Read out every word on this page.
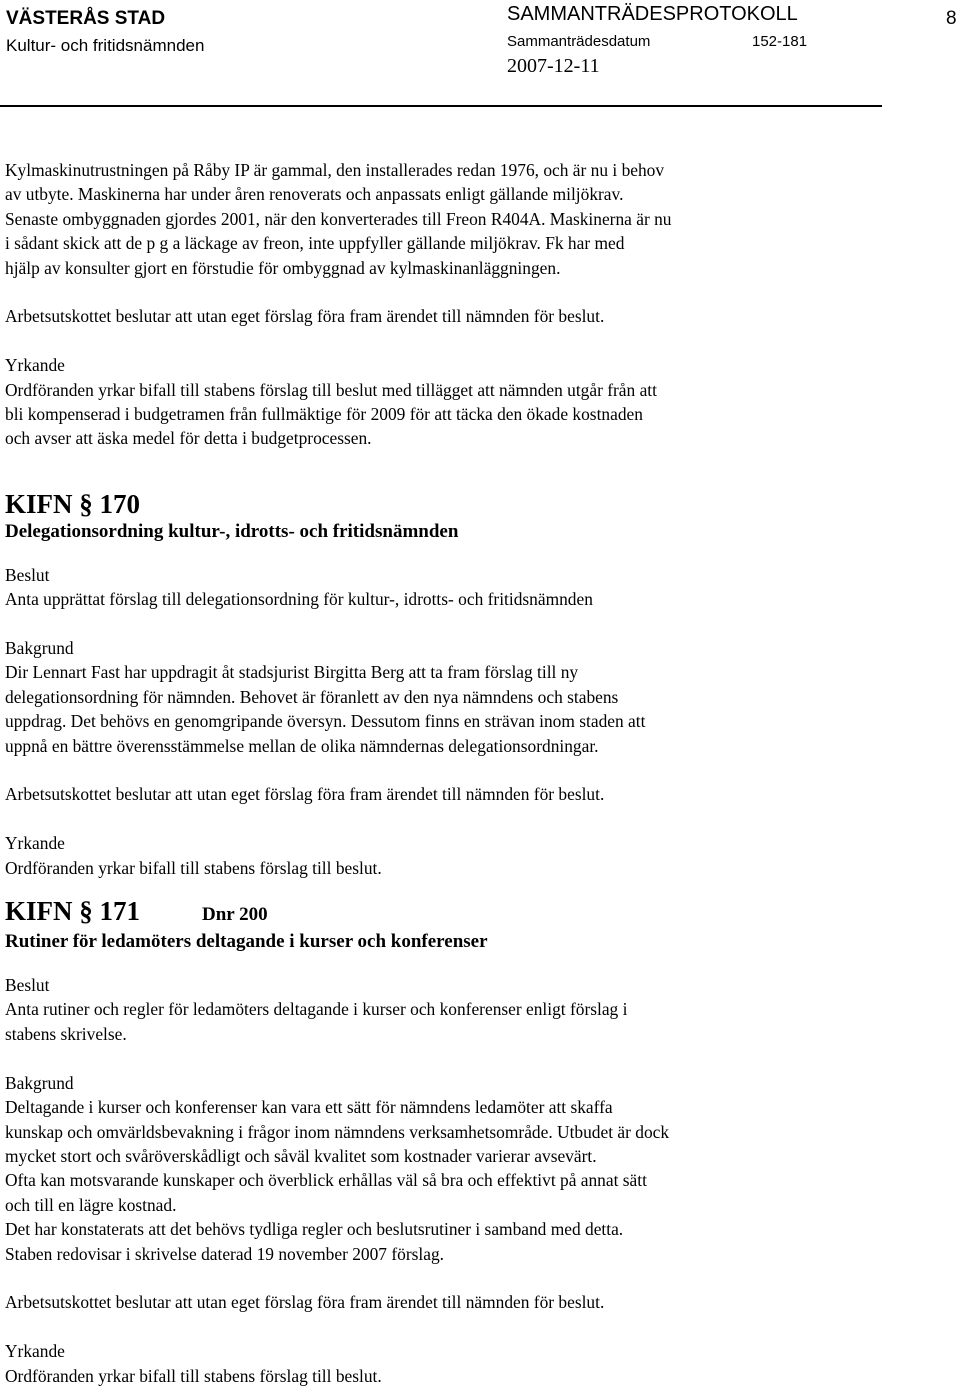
VÄSTERÅS STAD
Kultur- och fritidsnämnden
SAMMANTRÄDESPROTOKOLL
Sammanträdesdatum
2007-12-11
152-181
8

Kylmaskinutrustningen på Råby IP är gammal, den installerades redan 1976, och är nu i behov

av utbyte. Maskinerna har under åren renoverats och anpassats enligt gällande miljökrav.

Senaste ombyggnaden gjordes 2001, när den konverterades till Freon R404A. Maskinerna är nu

i sådant skick att de p g a läckage av freon, inte uppfyller gällande miljökrav. Fk har med

hjälp av konsulter gjort en förstudie för ombyggnad av kylmaskinanläggningen.

Arbetsutskottet beslutar att utan eget förslag föra fram ärendet till nämnden för beslut.

Yrkande

Ordföranden yrkar bifall till stabens förslag till beslut med tillägget att nämnden utgår från att

bli kompenserad i budgetramen från fullmäktige för 2009 för att täcka den ökade kostnaden

och avser att äska medel för detta i budgetprocessen.

KIFN § 170
Delegationsordning kultur-, idrotts- och fritidsnämnden

Beslut

Anta upprättat förslag till delegationsordning för kultur-, idrotts- och fritidsnämnden

Bakgrund

Dir Lennart Fast har uppdragit åt stadsjurist Birgitta Berg att ta fram förslag till ny

delegationsordning för nämnden. Behovet är föranlett av den nya nämndens och stabens

uppdrag. Det behövs en genomgripande översyn. Dessutom finns en strävan inom staden att

uppnå en bättre överensstämmelse mellan de olika nämndernas delegationsordningar.

Arbetsutskottet beslutar att utan eget förslag föra fram ärendet till nämnden för beslut.

Yrkande

Ordföranden yrkar bifall till stabens förslag till beslut.

KIFN § 171	Dnr 200
Rutiner för ledamöters deltagande i kurser och konferenser

Beslut

Anta rutiner och regler för ledamöters deltagande i kurser och konferenser enligt förslag i

stabens skrivelse.

Bakgrund

Deltagande i kurser och konferenser kan vara ett sätt för nämndens ledamöter att skaffa

kunskap och omvärldsbevakning i frågor inom nämndens verksamhetsområde. Utbudet är dock

mycket stort och svåröverskådligt och såväl kvalitet som kostnader varierar avsevärt.

Ofta kan motsvarande kunskaper och överblick erhållas väl så bra och effektivt på annat sätt

och till en lägre kostnad.

Det har konstaterats att det behövs tydliga regler och beslutsrutiner i samband med detta.

Staben redovisar i skrivelse daterad 19 november 2007 förslag.

Arbetsutskottet beslutar att utan eget förslag föra fram ärendet till nämnden för beslut.

Yrkande

Ordföranden yrkar bifall till stabens förslag till beslut.
